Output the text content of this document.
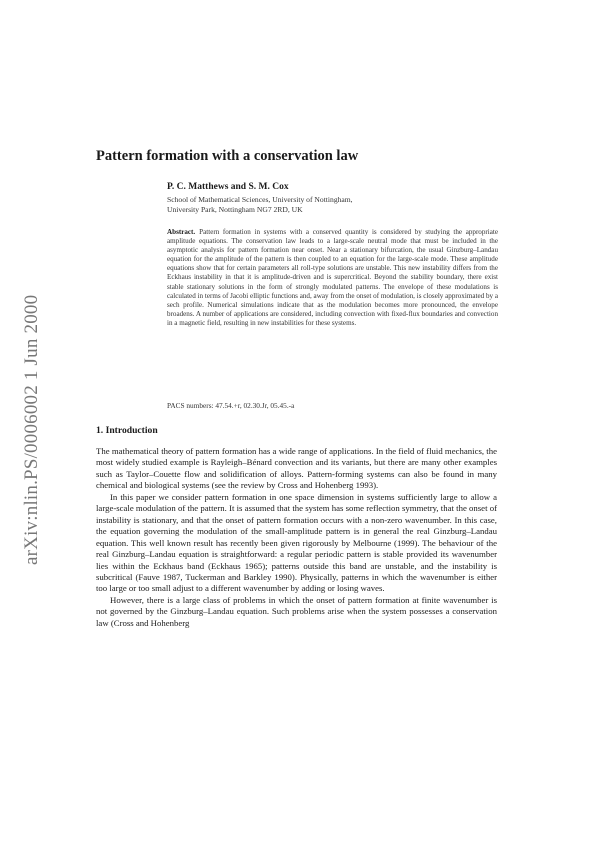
arXiv:nlin.PS/0006002 1 Jun 2000
Pattern formation with a conservation law
P. C. Matthews and S. M. Cox
School of Mathematical Sciences, University of Nottingham,
University Park, Nottingham NG7 2RD, UK

Abstract. Pattern formation in systems with a conserved quantity is considered by studying the appropriate amplitude equations. The conservation law leads to a large-scale neutral mode that must be included in the asymptotic analysis for pattern formation near onset. Near a stationary bifurcation, the usual Ginzburg–Landau equation for the amplitude of the pattern is then coupled to an equation for the large-scale mode. These amplitude equations show that for certain parameters all roll-type solutions are unstable. This new instability differs from the Eckhaus instability in that it is amplitude-driven and is supercritical. Beyond the stability boundary, there exist stable stationary solutions in the form of strongly modulated patterns. The envelope of these modulations is calculated in terms of Jacobi elliptic functions and, away from the onset of modulation, is closely approximated by a sech profile. Numerical simulations indicate that as the modulation becomes more pronounced, the envelope broadens. A number of applications are considered, including convection with fixed-flux boundaries and convection in a magnetic field, resulting in new instabilities for these systems.

PACS numbers: 47.54.+r, 02.30.Jr, 05.45.-a
1. Introduction

The mathematical theory of pattern formation has a wide range of applications. In the field of fluid mechanics, the most widely studied example is Rayleigh–Bénard convection and its variants, but there are many other examples such as Taylor–Couette flow and solidification of alloys. Pattern-forming systems can also be found in many chemical and biological systems (see the review by Cross and Hohenberg 1993).

In this paper we consider pattern formation in one space dimension in systems sufficiently large to allow a large-scale modulation of the pattern. It is assumed that the system has some reflection symmetry, that the onset of instability is stationary, and that the onset of pattern formation occurs with a non-zero wavenumber. In this case, the equation governing the modulation of the small-amplitude pattern is in general the real Ginzburg–Landau equation. This well known result has recently been given rigorously by Melbourne (1999). The behaviour of the real Ginzburg–Landau equation is straightforward: a regular periodic pattern is stable provided its wavenumber lies within the Eckhaus band (Eckhaus 1965); patterns outside this band are unstable, and the instability is subcritical (Fauve 1987, Tuckerman and Barkley 1990). Physically, patterns in which the wavenumber is either too large or too small adjust to a different wavenumber by adding or losing waves.

However, there is a large class of problems in which the onset of pattern formation at finite wavenumber is not governed by the Ginzburg–Landau equation. Such problems arise when the system possesses a conservation law (Cross and Hohenberg
